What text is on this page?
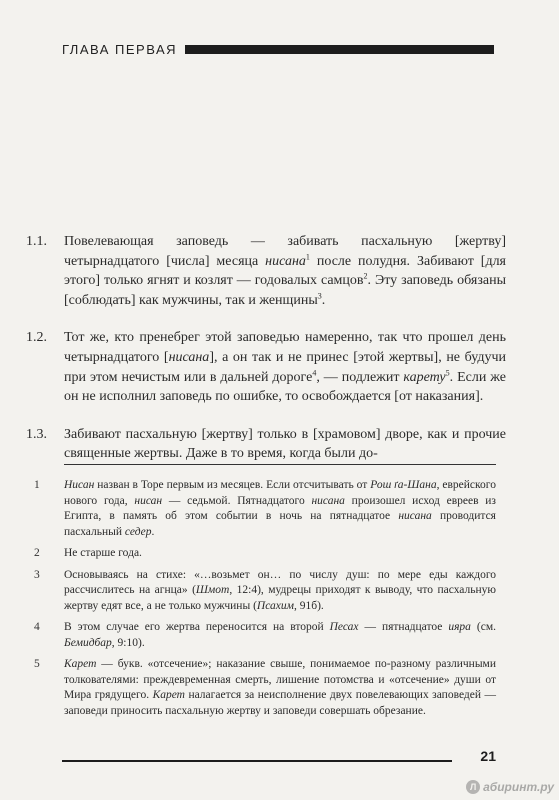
ГЛАВА ПЕРВАЯ
1.1.	Повелевающая заповедь — забивать пасхальную [жертву] четырнадцатого [числа] месяца нисана$^1$ после полудня. Забивают [для этого] только ягнят и козлят — годовалых самцов$^2$. Эту заповедь обязаны [соблюдать] как мужчины, так и женщины$^3$.
1.2.	Тот же, кто пренебрег этой заповедью намеренно, так что прошел день четырнадцатого [нисана], а он так и не принес [этой жертвы], не будучи при этом нечистым или в дальней дороге$^4$, — подлежит карету$^5$. Если же он не исполнил заповедь по ошибке, то освобождается [от наказания].
1.3.	Забивают пасхальную [жертву] только в [храмовом] дворе, как и прочие священные жертвы. Даже в то время, когда были до-
1	Нисан назван в Торе первым из месяцев. Если отсчитывать от Рош ґа-Шана, еврейского нового года, нисан — седьмой. Пятнадцатого нисана произошел исход евреев из Египта, в память об этом событии в ночь на пятнадцатое нисана проводится пасхальный седер.
2	Не старше года.
3	Основываясь на стихе: «…возьмет он… по числу душ: по мере еды каждого рассчислитесь на агнца» (Шмот, 12:4), мудрецы приходят к выводу, что пасхальную жертву едят все, а не только мужчины (Псахим, 91б).
4	В этом случае его жертва переносится на второй Песах — пятнадцатое ияра (см. Бемидбар, 9:10).
5	Карет — букв. «отсечение»; наказание свыше, понимаемое по-разному различными толкователями: преждевременная смерть, лишение потомства и «отсечение» души от Мира грядущего. Карет налагается за неисполнение двух повелевающих заповедей — заповеди приносить пасхальную жертву и заповеди совершать обрезание.
21
Л абиринт.ру
